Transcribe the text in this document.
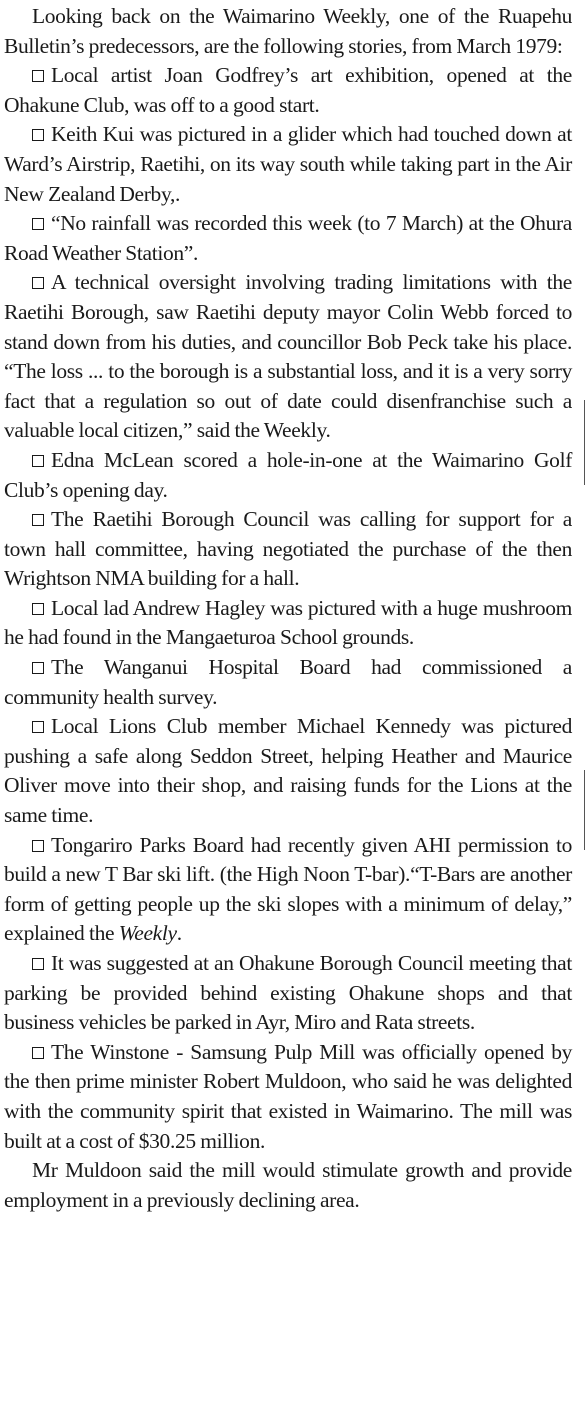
Looking back on the Waimarino Weekly, one of the Ruapehu Bulletin’s predecessors, are the following stories, from March 1979:

Local artist Joan Godfrey’s art exhibition, opened at the Ohakune Club, was off to a good start.

Keith Kui was pictured in a glider which had touched down at Ward’s Airstrip, Raetihi, on its way south while taking part in the Air New Zealand Derby,.

“No rainfall was recorded this week (to 7 March) at the Ohura Road Weather Station”.

A technical oversight involving trading limitations with the Raetihi Borough, saw Raetihi deputy mayor Colin Webb forced to stand down from his duties, and councillor Bob Peck take his place. “The loss ... to the borough is a substantial loss, and it is a very sorry fact that a regulation so out of date could disenfranchise such a valuable local citizen,” said the Weekly.

Edna McLean scored a hole-in-one at the Waimarino Golf Club’s opening day.

The Raetihi Borough Council was calling for support for a town hall committee, having negotiated the purchase of the then Wrightson NMA building for a hall.

Local lad Andrew Hagley was pictured with a huge mushroom he had found in the Mangaeturoa School grounds.

The Wanganui Hospital Board had commissioned a community health survey.

Local Lions Club member Michael Kennedy was pictured pushing a safe along Seddon Street, helping Heather and Maurice Oliver move into their shop, and raising funds for the Lions at the same time.

Tongariro Parks Board had recently given AHI permission to build a new T Bar ski lift. (the High Noon T-bar).“T-Bars are another form of getting people up the ski slopes with a minimum of delay,” explained the Weekly.

It was suggested at an Ohakune Borough Council meeting that parking be provided behind existing Ohakune shops and that business vehicles be parked in Ayr, Miro and Rata streets.

The Winstone - Samsung Pulp Mill was officially opened by the then prime minister Robert Muldoon, who said he was delighted with the community spirit that existed in Waimarino. The mill was built at a cost of $30.25 million.

Mr Muldoon said the mill would stimulate growth and provide employment in a previously declining area.
